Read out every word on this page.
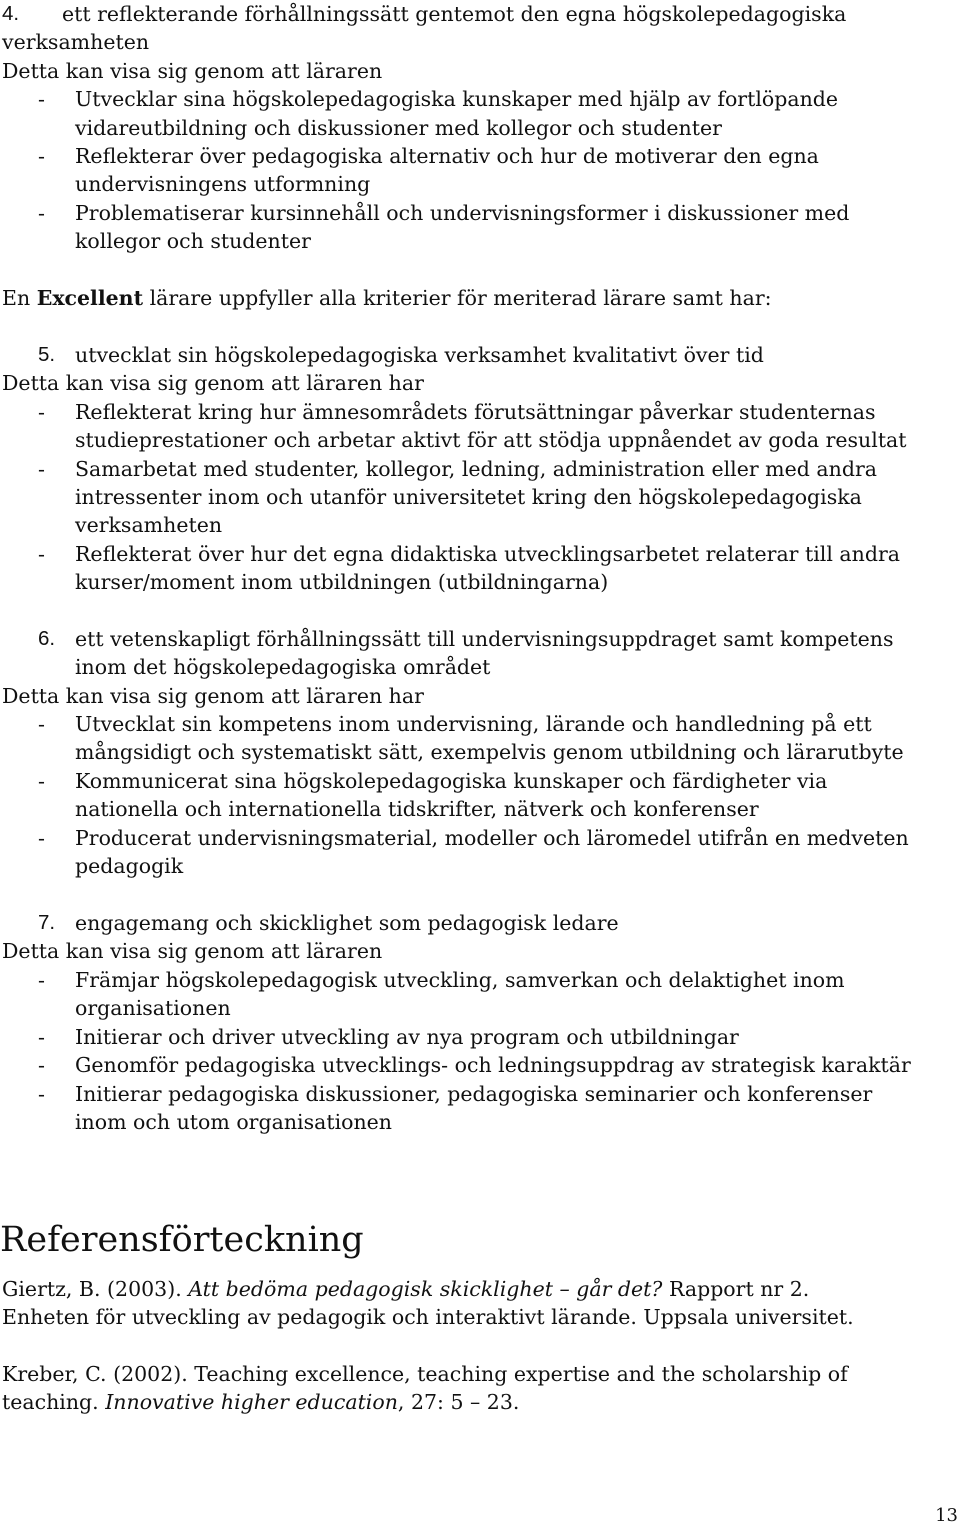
4. ett reflekterande förhållningssätt gentemot den egna högskolepedagogiska
verksamheten
Detta kan visa sig genom att läraren
- Utvecklar sina högskolepedagogiska kunskaper med hjälp av fortlöpande
vidareutbildning och diskussioner med kollegor och studenter
- Reflekterar över pedagogiska alternativ och hur de motiverar den egna
undervisningens utformning
- Problematiserar kursinnehåll och undervisningsformer i diskussioner med
kollegor och studenter
En Excellent lärare uppfyller alla kriterier för meriterad lärare samt har:
5. utvecklat sin högskolepedagogiska verksamhet kvalitativt över tid
Detta kan visa sig genom att läraren har
- Reflekterat kring hur ämnesområdets förutsättningar påverkar studenternas
studieprestationer och arbetar aktivt för att stödja uppnåendet av goda resultat
- Samarbetat med studenter, kollegor, ledning, administration eller med andra
intressenter inom och utanför universitetet kring den högskolepedagogiska
verksamheten
- Reflekterat över hur det egna didaktiska utvecklingsarbetet relaterar till andra
kurser/moment inom utbildningen (utbildningarna)
6. ett vetenskapligt förhållningssätt till undervisningsuppdraget samt kompetens
inom det högskolepedagogiska området
Detta kan visa sig genom att läraren har
- Utvecklat sin kompetens inom undervisning, lärande och handledning på ett
mångsidigt och systematiskt sätt, exempelvis genom utbildning och lärarutbyte
- Kommunicerat sina högskolepedagogiska kunskaper och färdigheter via
nationella och internationella tidskrifter, nätverk och konferenser
- Producerat undervisningsmaterial, modeller och läromedel utifrån en medveten
pedagogik
7. engagemang och skicklighet som pedagogisk ledare
Detta kan visa sig genom att läraren
- Främjar högskolepedagogisk utveckling, samverkan och delaktighet inom
organisationen
- Initierar och driver utveckling av nya program och utbildningar
- Genomför pedagogiska utvecklings- och ledningsuppdrag av strategisk karaktär
- Initierar pedagogiska diskussioner, pedagogiska seminarier och konferenser
inom och utom organisationen
Referensförteckning
Giertz, B. (2003). Att bedöma pedagogisk skicklighet – går det? Rapport nr 2.
Enheten för utveckling av pedagogik och interaktivt lärande. Uppsala universitet.
Kreber, C. (2002). Teaching excellence, teaching expertise and the scholarship of
teaching. Innovative higher education, 27: 5 – 23.
13
